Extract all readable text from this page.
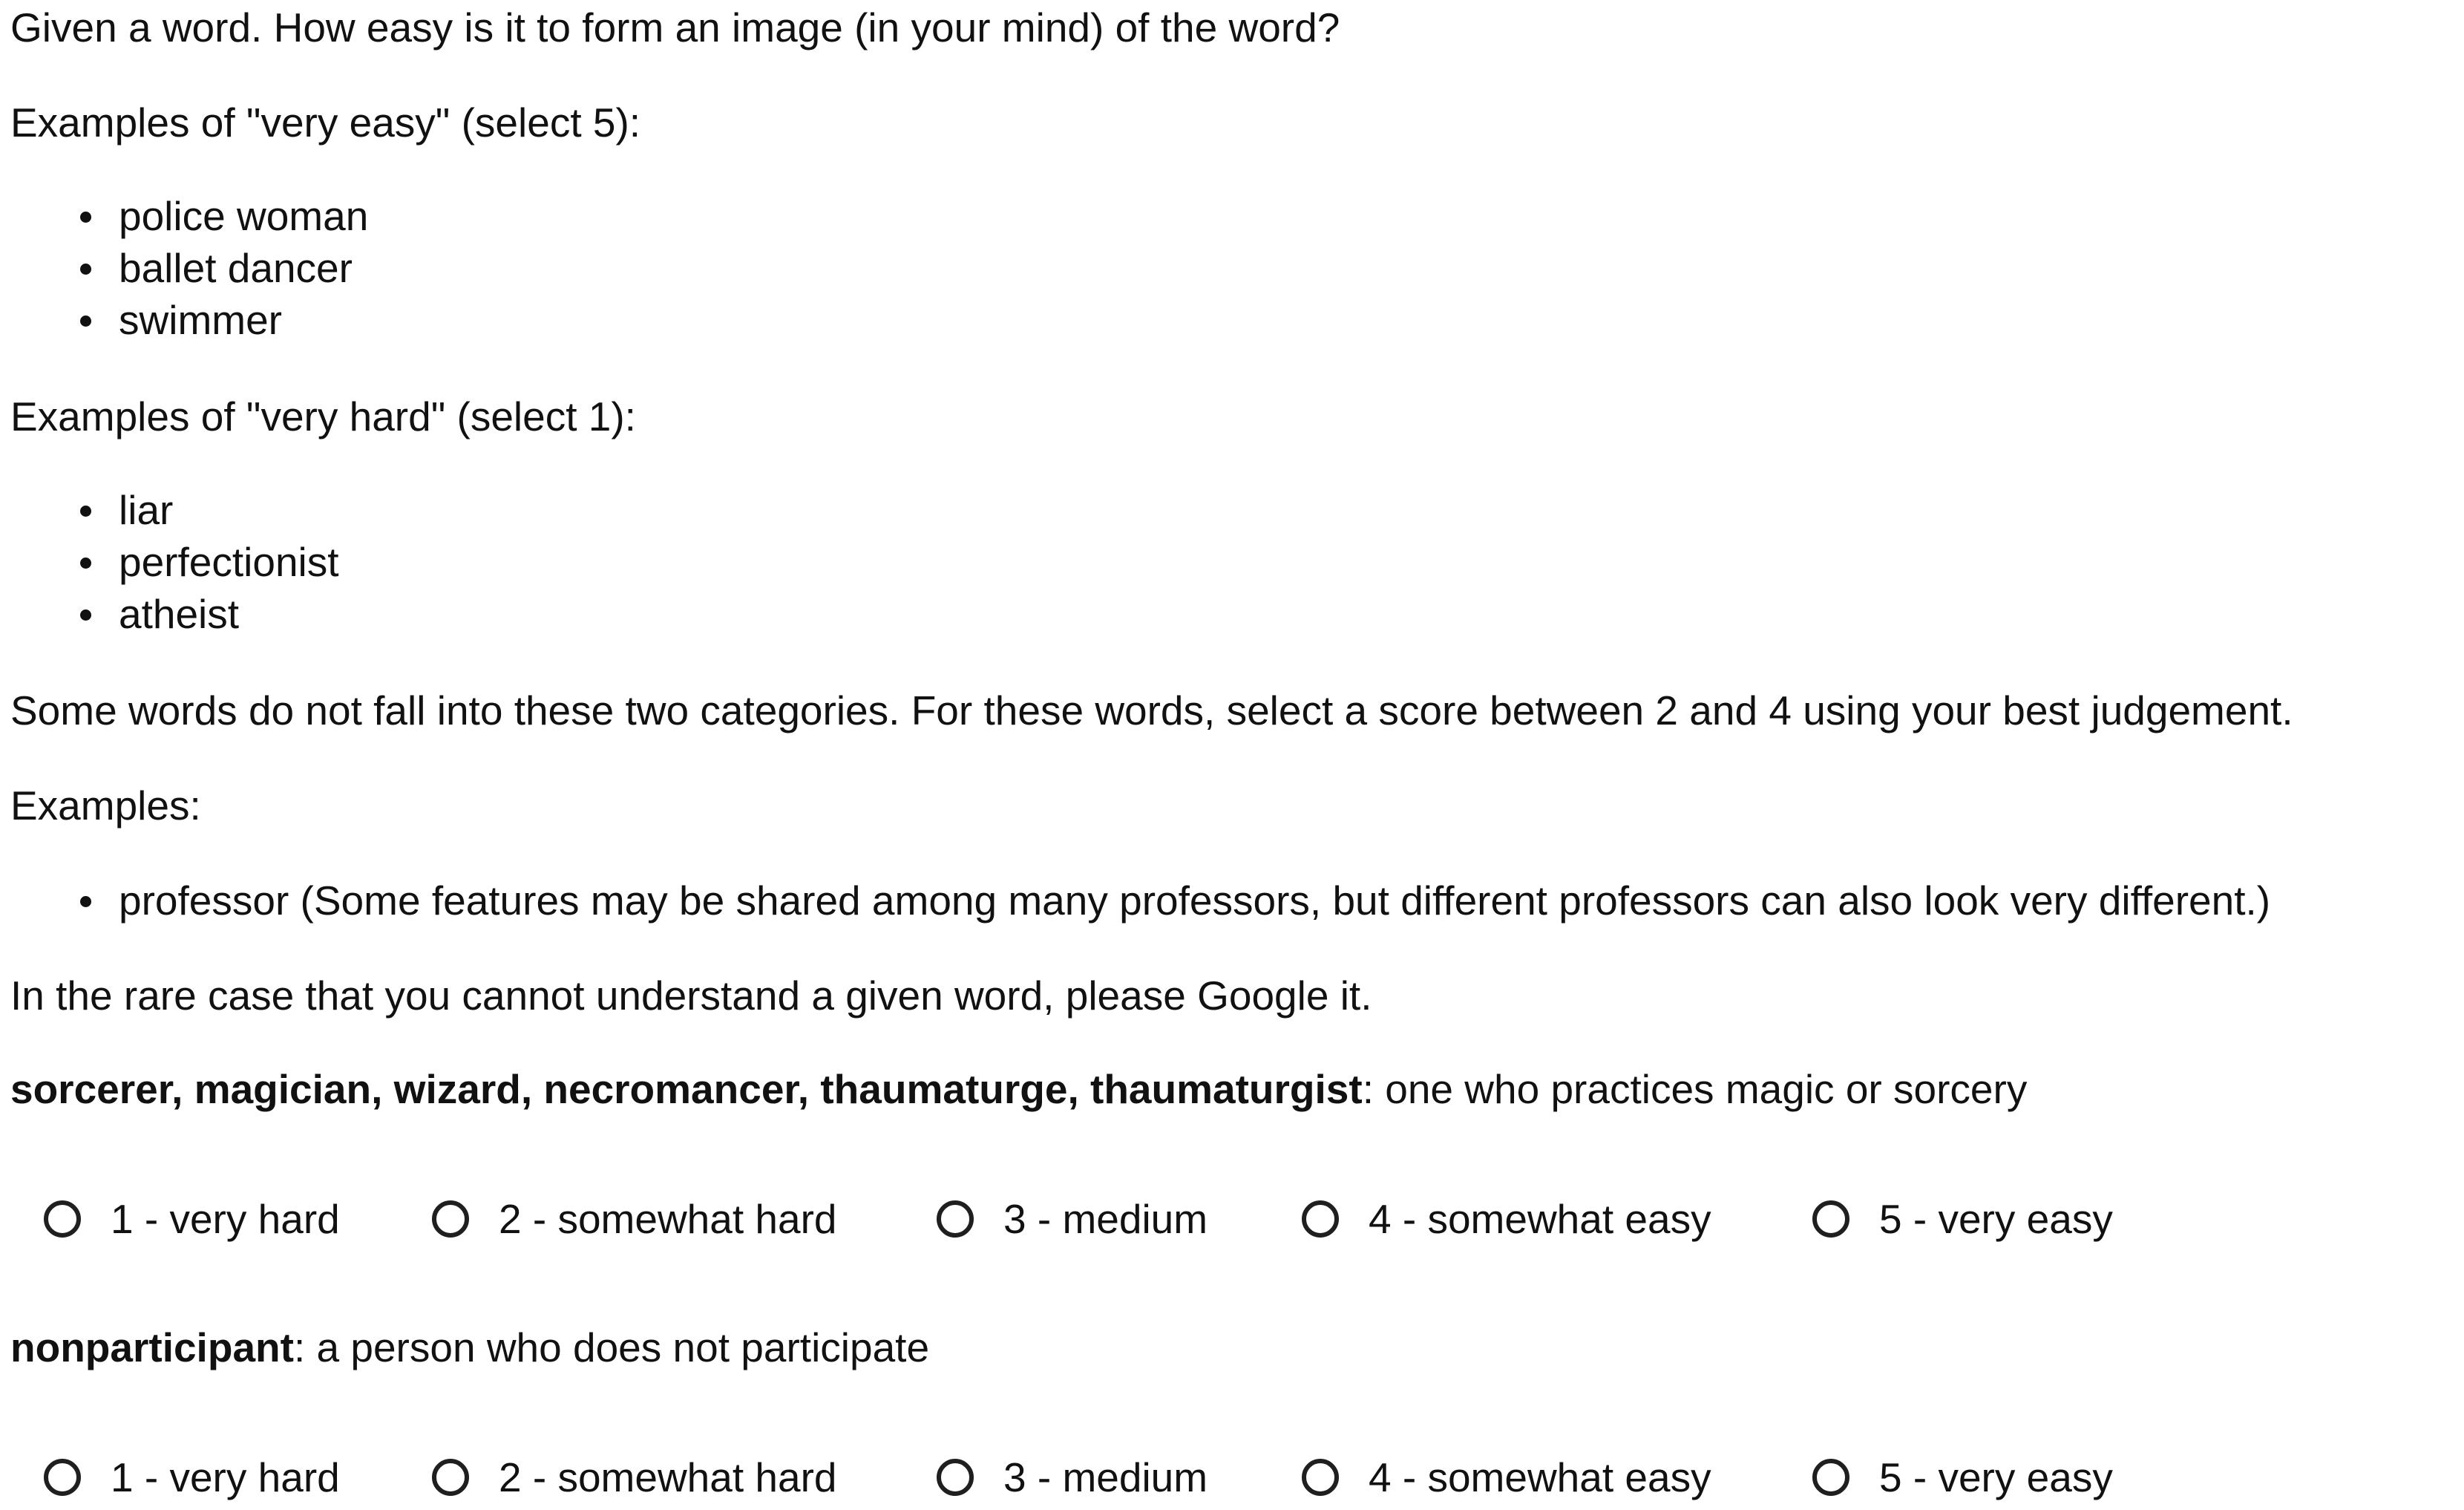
Given a word. How easy is it to form an image (in your mind) of the word?

Examples of "very easy" (select 5):

police woman
ballet dancer
swimmer

Examples of "very hard" (select 1):

liar
perfectionist
atheist

Some words do not fall into these two categories. For these words, select a score between 2 and 4 using your best judgement.

Examples:

professor (Some features may be shared among many professors, but different professors can also look very different.)

In the rare case that you cannot understand a given word, please Google it.

sorcerer, magician, wizard, necromancer, thaumaturge, thaumaturgist: one who practices magic or sorcery

1 - very hard	2 - somewhat hard	3 - medium	4 - somewhat easy	5 - very easy

nonparticipant: a person who does not participate

1 - very hard	2 - somewhat hard	3 - medium	4 - somewhat easy	5 - very easy
